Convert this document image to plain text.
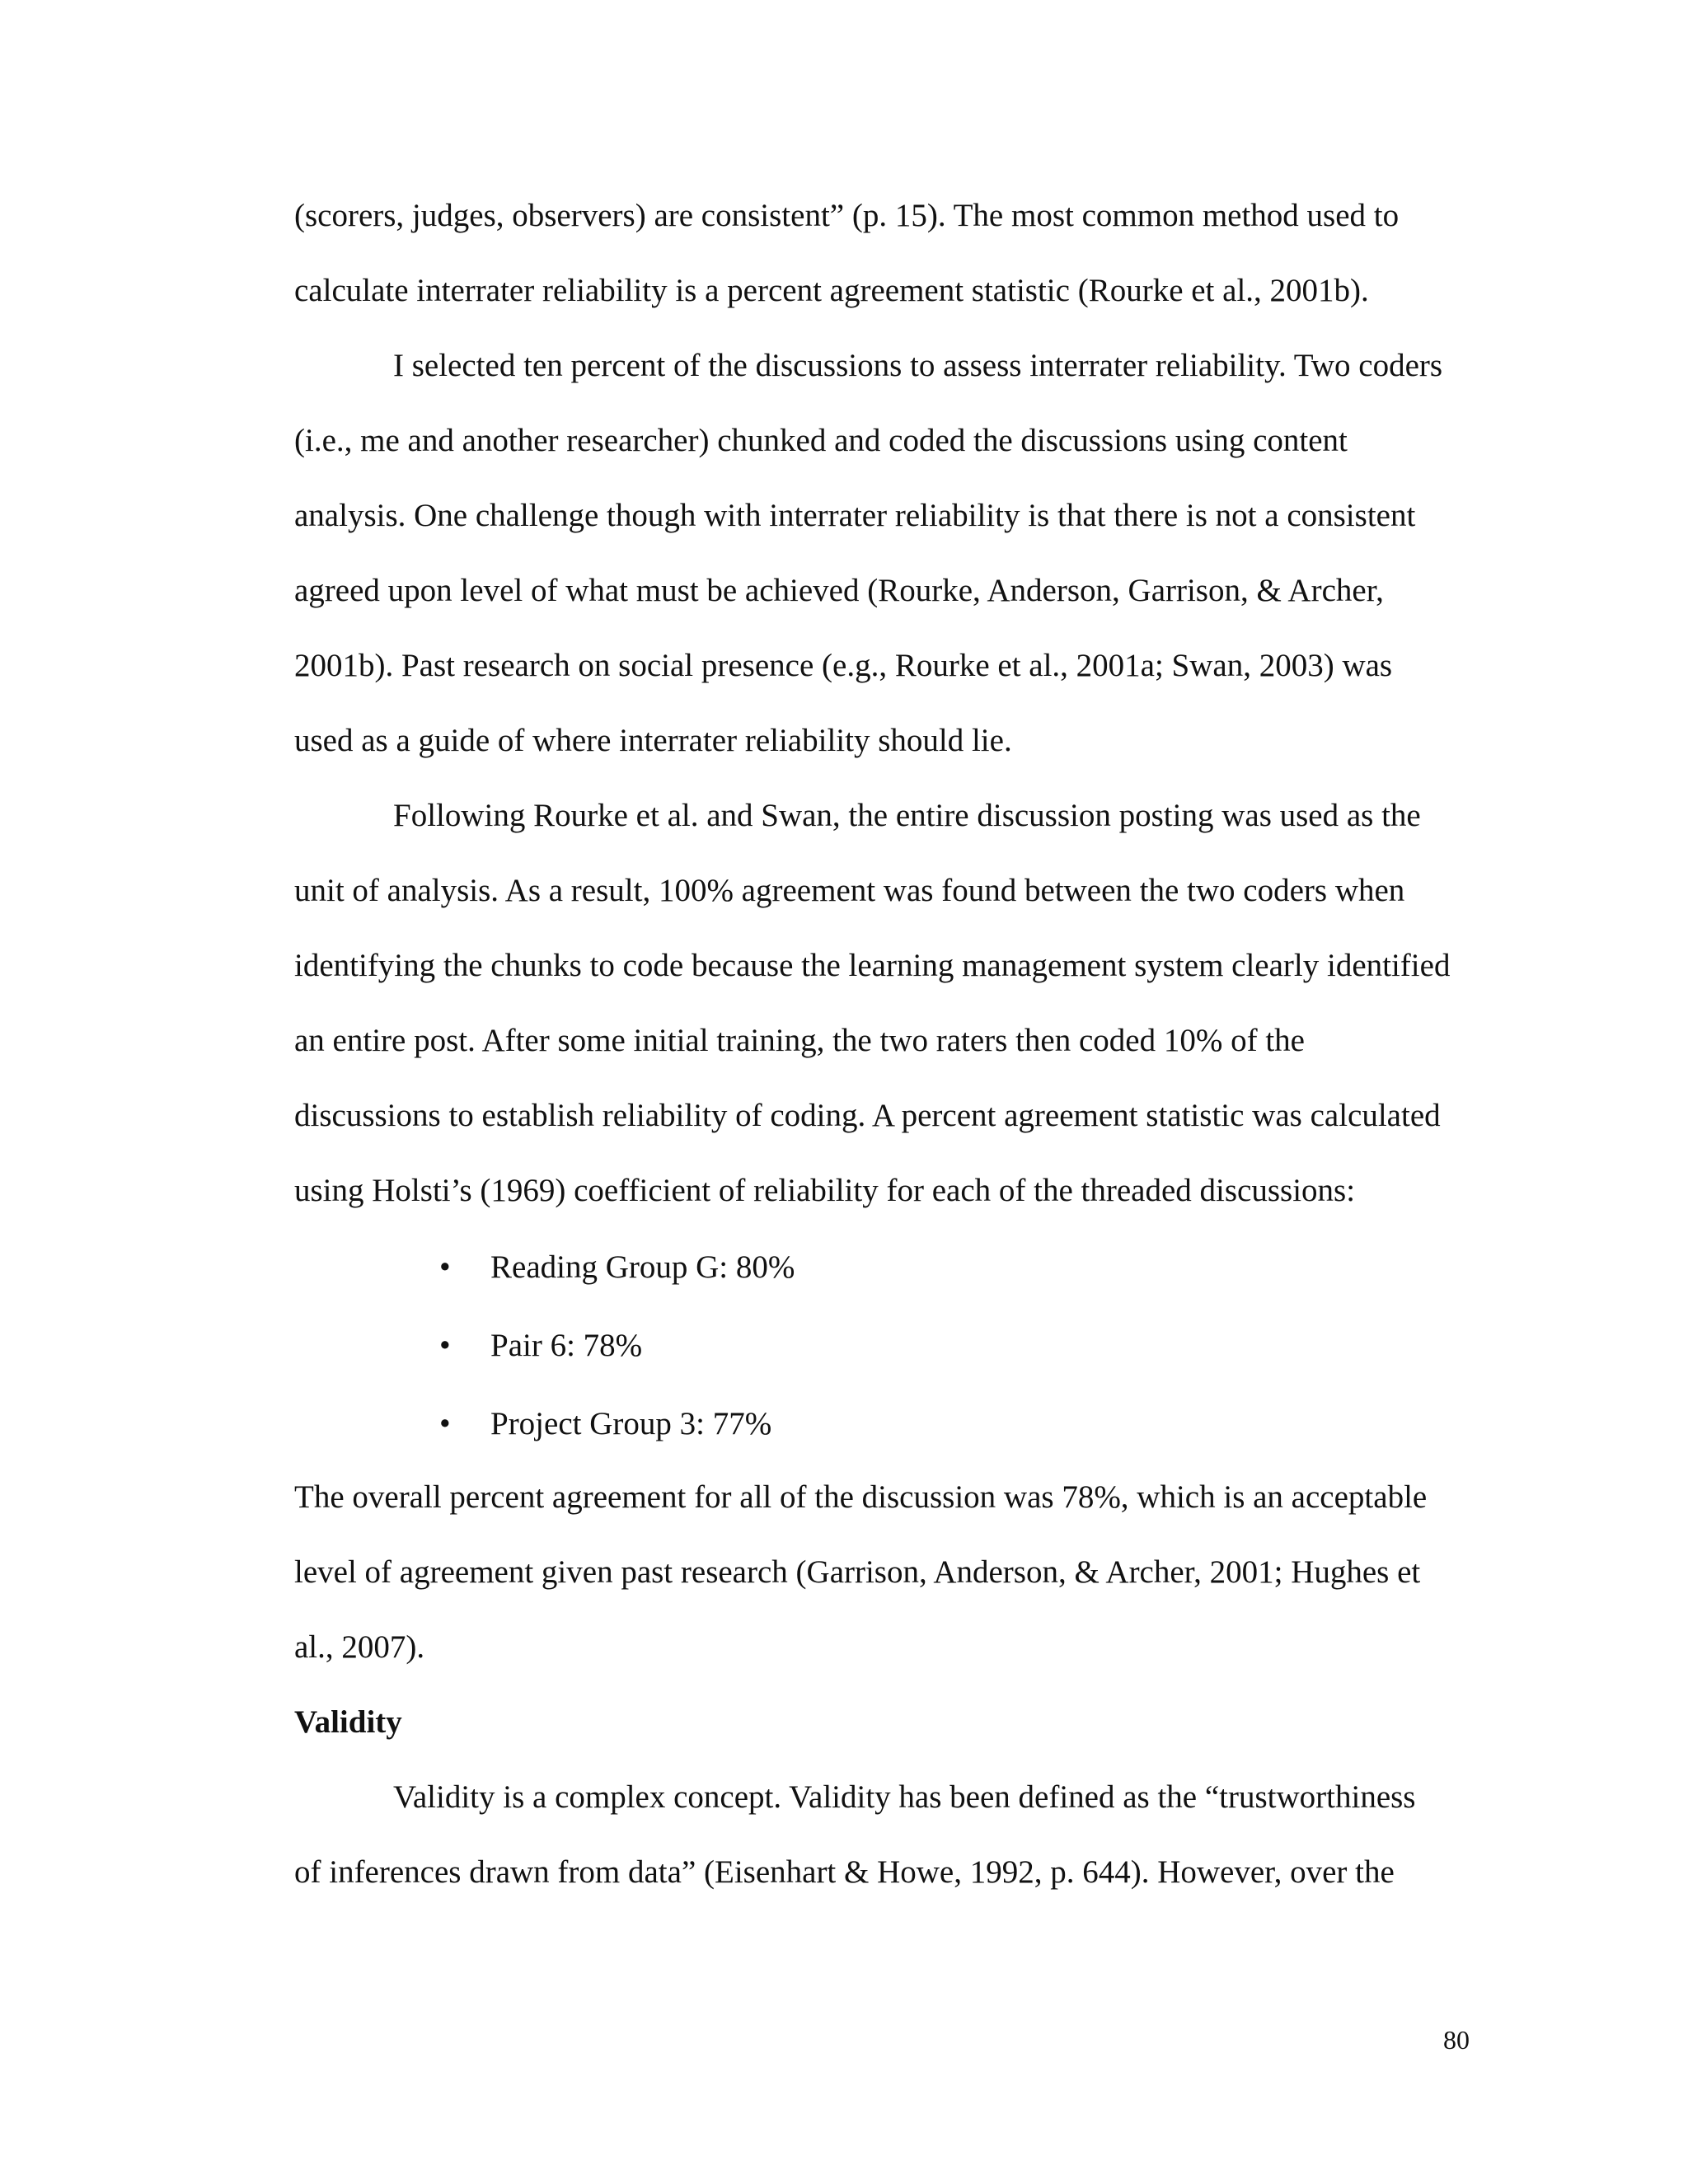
(scorers, judges, observers) are consistent” (p. 15). The most common method used to

calculate interrater reliability is a percent agreement statistic (Rourke et al., 2001b).

I selected ten percent of the discussions to assess interrater reliability. Two coders

(i.e., me and another researcher) chunked and coded the discussions using content

analysis. One challenge though with interrater reliability is that there is not a consistent

agreed upon level of what must be achieved (Rourke, Anderson, Garrison, & Archer,

2001b). Past research on social presence (e.g., Rourke et al., 2001a; Swan, 2003) was

used as a guide of where interrater reliability should lie.

Following Rourke et al. and Swan, the entire discussion posting was used as the

unit of analysis. As a result, 100% agreement was found between the two coders when

identifying the chunks to code because the learning management system clearly identified

an entire post. After some initial training, the two raters then coded 10% of the

discussions to establish reliability of coding. A percent agreement statistic was calculated

using Holsti’s (1969) coefficient of reliability for each of the threaded discussions:

• Reading Group G: 80%
• Pair 6: 78%
• Project Group 3: 77%

The overall percent agreement for all of the discussion was 78%, which is an acceptable

level of agreement given past research (Garrison, Anderson, & Archer, 2001; Hughes et

al., 2007).

Validity

Validity is a complex concept. Validity has been defined as the “trustworthiness

of inferences drawn from data” (Eisenhart & Howe, 1992, p. 644). However, over the

80
